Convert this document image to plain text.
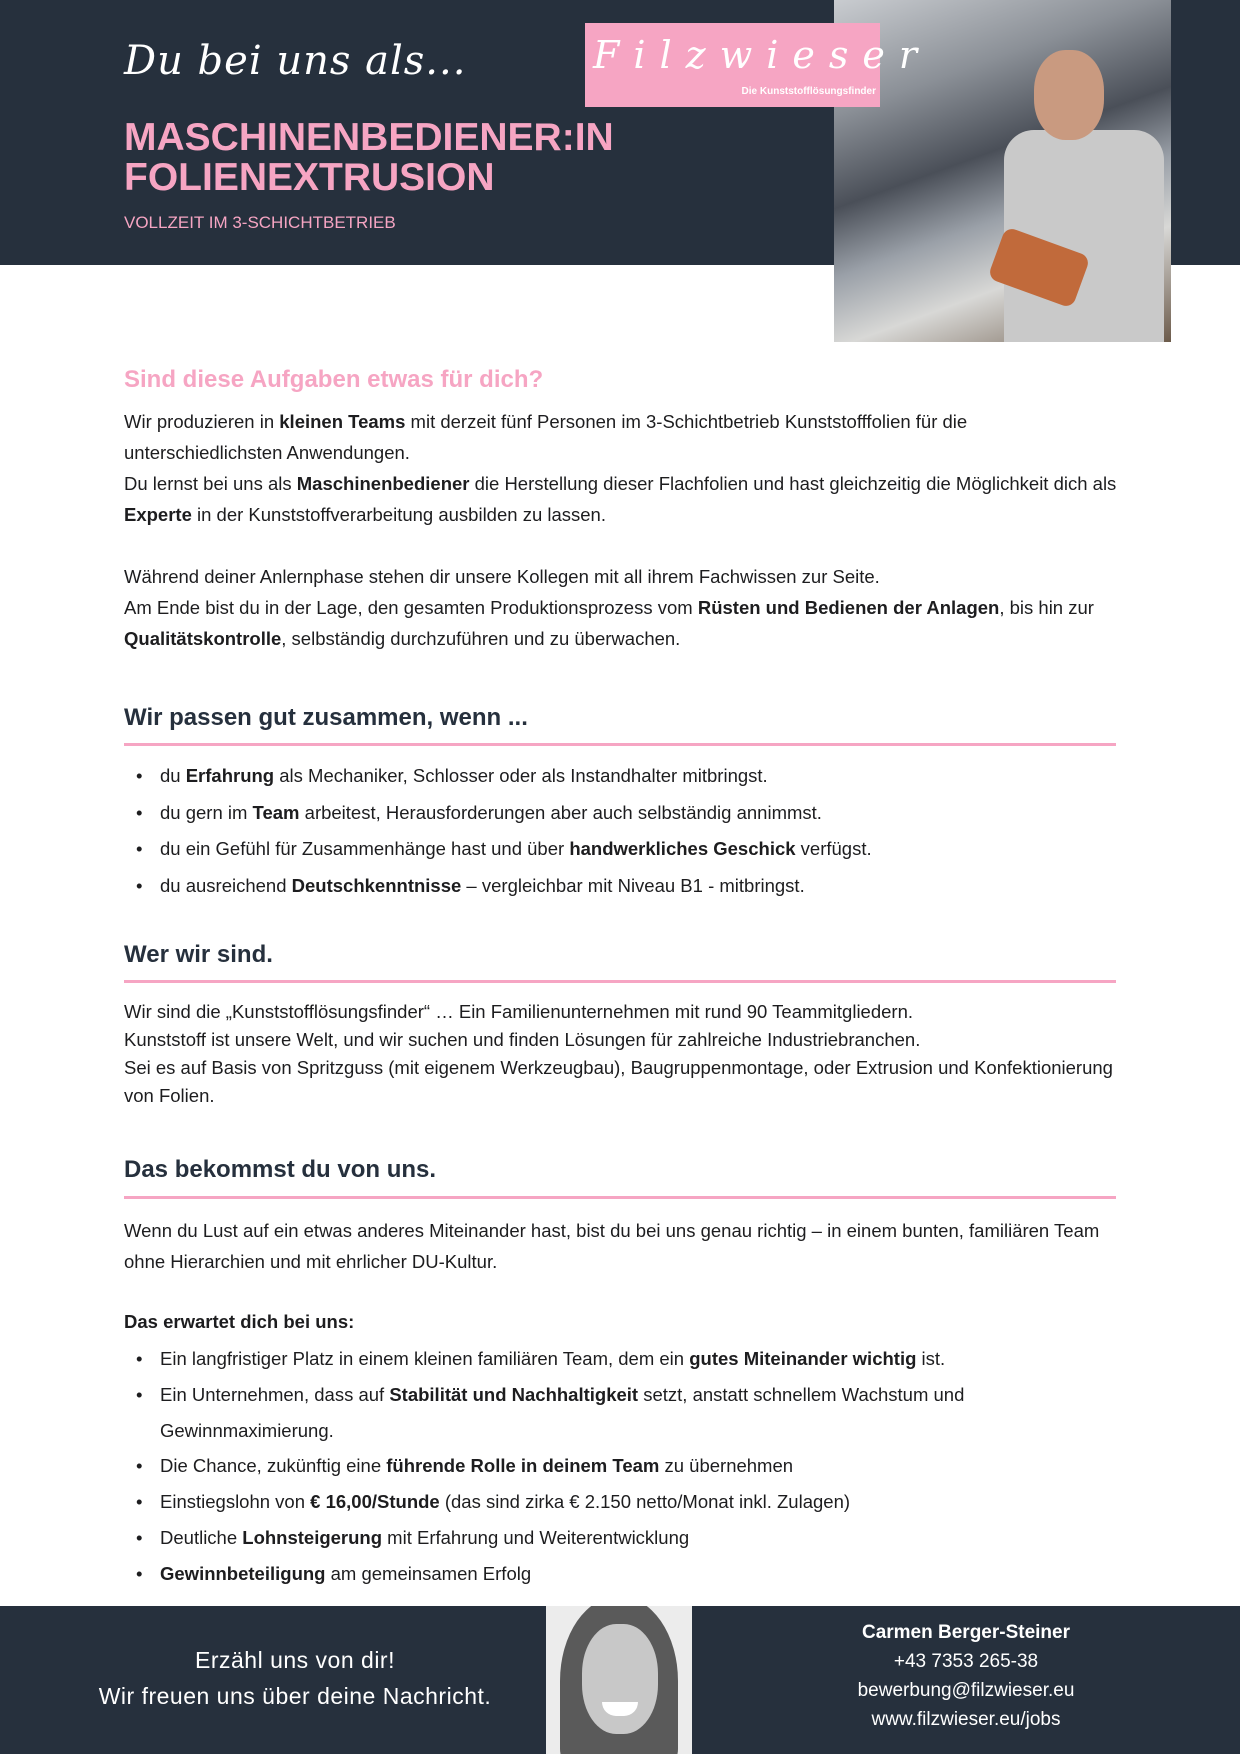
Du bei uns als...
MASCHINENBEDIENER:IN
FOLIENEXTRUSION
VOLLZEIT IM 3-SCHICHTBETRIEB
Filzwieser
Die Kunststofflösungsfinder
Sind diese Aufgaben etwas für dich?
Wir produzieren in kleinen Teams mit derzeit fünf Personen im 3-Schichtbetrieb Kunststofffolien für die unterschiedlichsten Anwendungen.
Du lernst bei uns als Maschinenbediener die Herstellung dieser Flachfolien und hast gleichzeitig die Möglichkeit dich als Experte in der Kunststoffverarbeitung ausbilden zu lassen.
Während deiner Anlernphase stehen dir unsere Kollegen mit all ihrem Fachwissen zur Seite.
Am Ende bist du in der Lage, den gesamten Produktionsprozess vom Rüsten und Bedienen der Anlagen, bis hin zur Qualitätskontrolle, selbständig durchzuführen und zu überwachen.
Wir passen gut zusammen, wenn ...
• du Erfahrung als Mechaniker, Schlosser oder als Instandhalter mitbringst.
• du gern im Team arbeitest, Herausforderungen aber auch selbständig annimmst.
• du ein Gefühl für Zusammenhänge hast und über handwerkliches Geschick verfügst.
• du ausreichend Deutschkenntnisse – vergleichbar mit Niveau B1 - mitbringst.
Wer wir sind.
Wir sind die „Kunststofflösungsfinder“ … Ein Familienunternehmen mit rund 90 Teammitgliedern.
Kunststoff ist unsere Welt, und wir suchen und finden Lösungen für zahlreiche Industriebranchen.
Sei es auf Basis von Spritzguss (mit eigenem Werkzeugbau), Baugruppenmontage, oder Extrusion und Konfektionierung von Folien.
Das bekommst du von uns.
Wenn du Lust auf ein etwas anderes Miteinander hast, bist du bei uns genau richtig – in einem bunten, familiären Team ohne Hierarchien und mit ehrlicher DU-Kultur.
Das erwartet dich bei uns:
• Ein langfristiger Platz in einem kleinen familiären Team, dem ein gutes Miteinander wichtig ist.
• Ein Unternehmen, dass auf Stabilität und Nachhaltigkeit setzt, anstatt schnellem Wachstum und Gewinnmaximierung.
• Die Chance, zukünftig eine führende Rolle in deinem Team zu übernehmen
• Einstiegslohn von € 16,00/Stunde (das sind zirka € 2.150 netto/Monat inkl. Zulagen)
• Deutliche Lohnsteigerung mit Erfahrung und Weiterentwicklung
• Gewinnbeteiligung am gemeinsamen Erfolg
Erzähl uns von dir!
Wir freuen uns über deine Nachricht.
Carmen Berger-Steiner
+43 7353 265-38
bewerbung@filzwieser.eu
www.filzwieser.eu/jobs
